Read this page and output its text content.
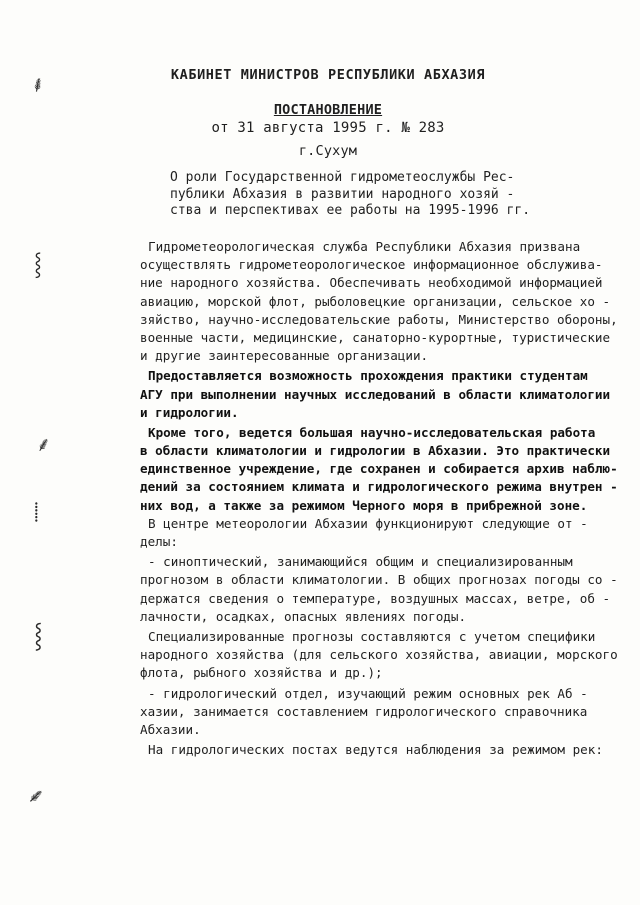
⸙
⸾
⸙
⸽
⸾
⸙
КАБИНЕТ МИНИСТРОВ РЕСПУБЛИКИ АБХАЗИЯ
ПОСТАНОВЛЕНИЕ
от 31 августа 1995 г. № 283
г.Сухум
О роли Государственной гидрометеослужбы Рес-
публики Абхазия в развитии народного хозяй -
ства и перспективах ее работы на 1995-1996 гг.
Гидрометеорологическая служба Республики Абхазия призвана
осуществлять гидрометеорологическое информационное обслужива-
ние народного хозяйства. Обеспечивать необходимой информацией
авиацию, морской флот, рыболовецкие организации, сельское хо -
зяйство, научно-исследовательские работы, Министерство обороны,
военные части, медицинские, санаторно-курортные, туристические
и другие заинтересованные организации.
Предоставляется возможность прохождения практики студентам
АГУ при выполнении научных исследований в области климатологии
и гидрологии.
Кроме того, ведется большая научно-исследовательская работа
в области климатологии и гидрологии в Абхазии. Это практически
единственное учреждение, где сохранен и собирается архив наблю-
дений за состоянием климата и гидрологического режима внутрен -
них вод, а также за режимом Черного моря в прибрежной зоне.
В центре метеорологии Абхазии функционируют следующие от -
делы:
- синоптический, занимающийся общим и специализированным
прогнозом в области климатологии. В общих прогнозах погоды со -
держатся сведения о температуре, воздушных массах, ветре, об -
лачности, осадках, опасных явлениях погоды.
Специализированные прогнозы составляются с учетом специфики
народного хозяйства (для сельского хозяйства, авиации, морского
флота, рыбного хозяйства и др.);
- гидрологический отдел, изучающий режим основных рек Аб -
хазии, занимается составлением гидрологического справочника
Абхазии.
На гидрологических постах ведутся наблюдения за режимом рек:
